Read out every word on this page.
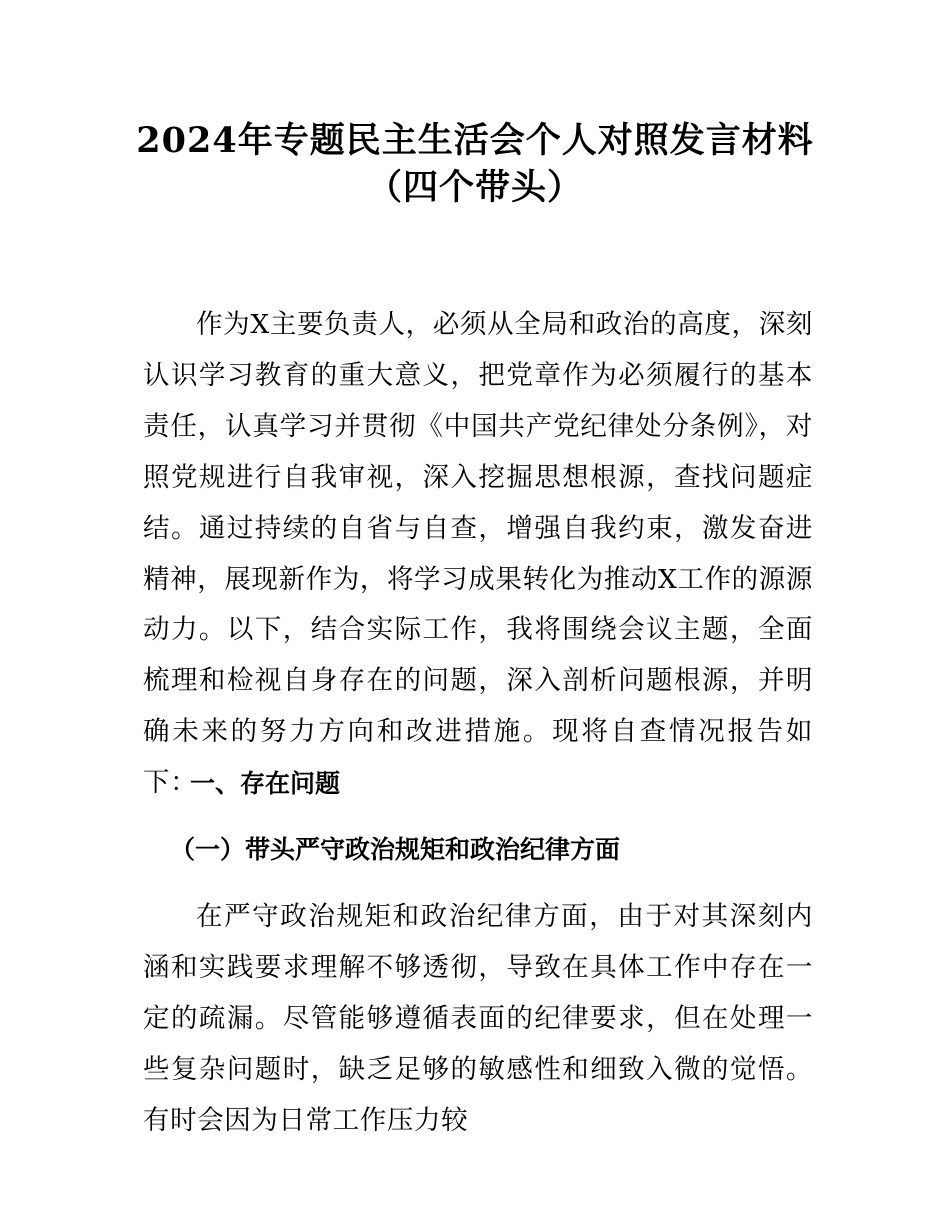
2024年专题民主生活会个人对照发言材料
（四个带头）

作为X主要负责人，必须从全局和政治的高度，深刻认识学习教育的重大意义，把党章作为必须履行的基本责任，认真学习并贯彻《中国共产党纪律处分条例》，对照党规进行自我审视，深入挖掘思想根源，查找问题症结。通过持续的自省与自查，增强自我约束，激发奋进精神，展现新作为，将学习成果转化为推动X工作的源源动力。以下，结合实际工作，我将围绕会议主题，全面梳理和检视自身存在的问题，深入剖析问题根源，并明确未来的努力方向和改进措施。现将自查情况报告如下：

一、存在问题
（一）带头严守政治规矩和政治纪律方面

在严守政治规矩和政治纪律方面，由于对其深刻内涵和实践要求理解不够透彻，导致在具体工作中存在一定的疏漏。尽管能够遵循表面的纪律要求，但在处理一些复杂问题时，缺乏足够的敏感性和细致入微的觉悟。有时会因为日常工作压力较
